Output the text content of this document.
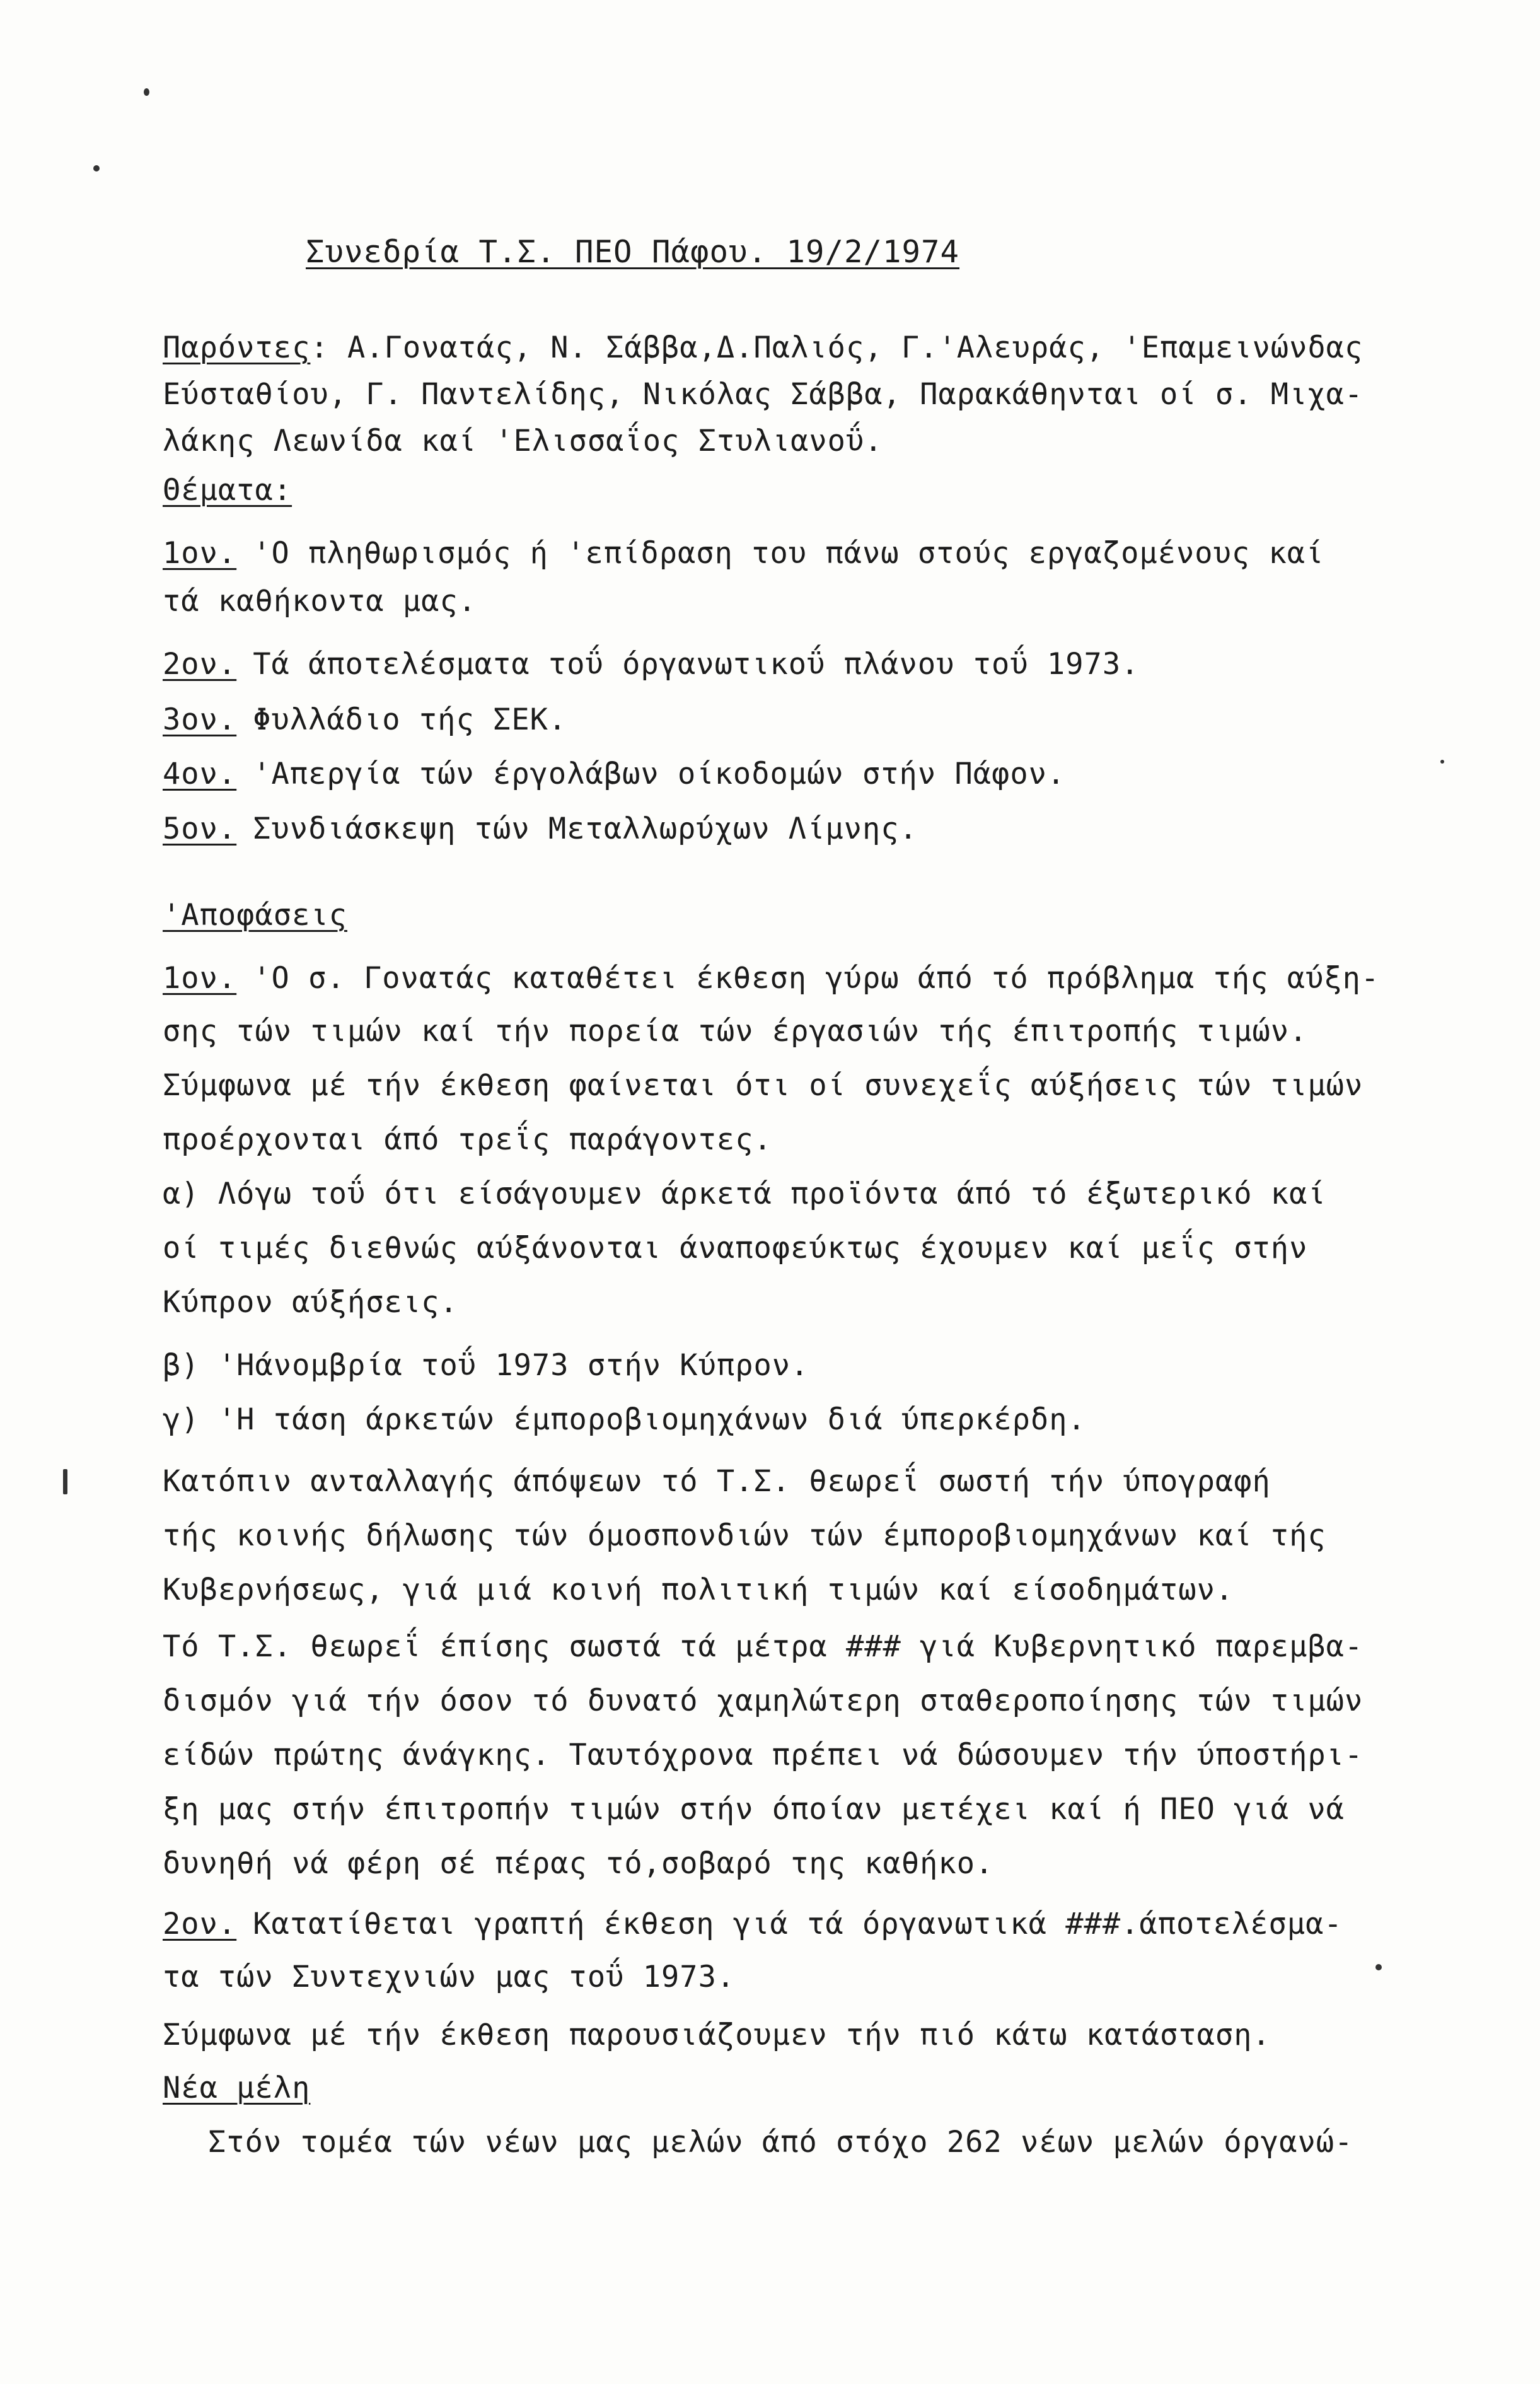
Συνεδρία Τ.Σ. ΠΕΟ Πάφου. 19/2/1974
Παρόντες: Α.Γονατάς, Ν. Σάββα,Δ.Παλιός, Γ.'Αλευράς, 'Επαμεινώνδας
Εύσταθίου, Γ. Παντελίδης, Νικόλας Σάββα, Παρακάθηνται οί σ. Μιχα-
λάκης Λεωνίδα καί 'Ελισσαΐος Στυλιανοΰ.
Θέματα:
1ον. 'Ο πληθωρισμός ή 'επίδραση του πάνω στούς εργαζομένους καί
τά καθήκοντα μας.
2ον. Τά άποτελέσματα τοΰ όργανωτικοΰ πλάνου τοΰ 1973.
3ον. Φυλλάδιο τής ΣΕΚ.
4ον. 'Απεργία τών έργολάβων οίκοδομών στήν Πάφον.
5ον. Συνδιάσκεψη τών Μεταλλωρύχων Λίμνης.
'Αποφάσεις
1ον. 'Ο σ. Γονατάς καταθέτει έκθεση γύρω άπό τό πρόβλημα τής αύξη-
σης τών τιμών καί τήν πορεία τών έργασιών τής έπιτροπής τιμών.
Σύμφωνα μέ τήν έκθεση φαίνεται ότι οί συνεχεΐς αύξήσεις τών τιμών
προέρχονται άπό τρεΐς παράγοντες.
α) Λόγω τοΰ ότι είσάγουμεν άρκετά προϊόντα άπό τό έξωτερικό καί
οί τιμές διεθνώς αύξάνονται άναποφεύκτως έχουμεν καί μεΐς στήν
Κύπρον αύξήσεις.
β) 'Ηάνομβρία τοΰ 1973 στήν Κύπρον.
γ) 'Η τάση άρκετών έμποροβιομηχάνων διά ύπερκέρδη.
Κατόπιν ανταλλαγής άπόψεων τό Τ.Σ. θεωρεΐ σωστή τήν ύπογραφή
τής κοινής δήλωσης τών όμοσπονδιών τών έμποροβιομηχάνων καί τής
Κυβερνήσεως, γιά μιά κοινή πολιτική τιμών καί είσοδημάτων.
Τό Τ.Σ. θεωρεΐ έπίσης σωστά τά μέτρα ### γιά Κυβερνητικό παρεμβα-
δισμόν γιά τήν όσον τό δυνατό χαμηλώτερη σταθεροποίησης τών τιμών
είδών πρώτης άνάγκης. Ταυτόχρονα πρέπει νά δώσουμεν τήν ύποστήρι-
ξη μας στήν έπιτροπήν τιμών στήν όποίαν μετέχει καί ή ΠΕΟ γιά νά
δυνηθή νά φέρη σέ πέρας τό,σοβαρό της καθήκο.
2ον. Κατατίθεται γραπτή έκθεση γιά τά όργανωτικά ###.άποτελέσμα-
τα τών Συντεχνιών μας τοΰ 1973.
Σύμφωνα μέ τήν έκθεση παρουσιάζουμεν τήν πιό κάτω κατάσταση.
Νέα μέλη
Στόν τομέα τών νέων μας μελών άπό στόχο 262 νέων μελών όργανώ-
